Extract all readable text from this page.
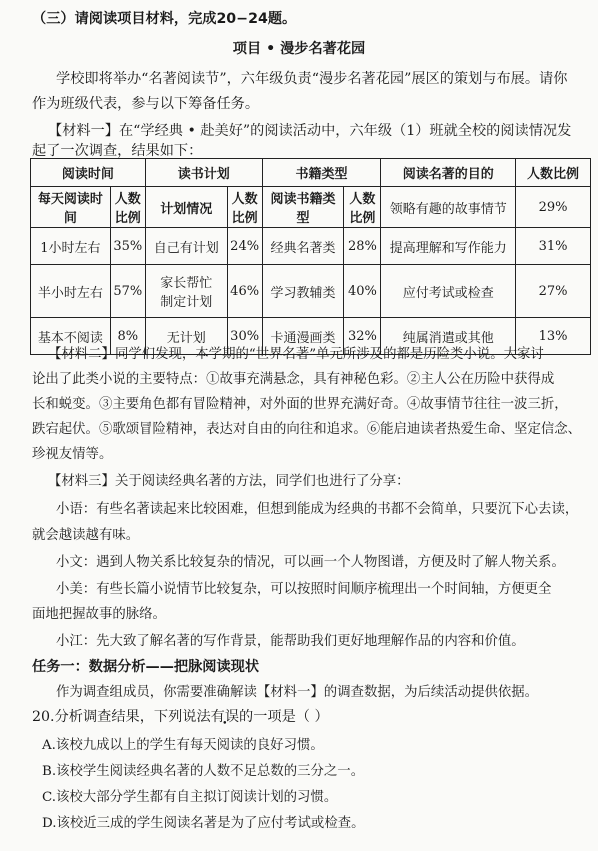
（三）请阅读项目材料，完成20−24题。
项目 • 漫步名著花园
学校即将举办“名著阅读节”，六年级负责“漫步名著花园”展区的策划与布展。请你
作为班级代表，参与以下筹备任务。
【材料一】在“学经典 • 赴美好”的阅读活动中，六年级（1）班就全校的阅读情况发
起了一次调查，结果如下：
阅读时间		读书计划		书籍类型		阅读名著的目的	人数比例
每天阅读时间	人数比例	计划情况	人数比例	阅读书籍类型	人数比例	领略有趣的故事情节	29%
1小时左右	35%	自己有计划	24%	经典名著类	28%	提高理解和写作能力	31%
半小时左右	57%	家长帮忙制定计划	46%	学习教辅类	40%	应付考试或检查	27%
基本不阅读	8%	无计划	30%	卡通漫画类	32%	纯属消遣或其他	13%
【材料二】同学们发现，本学期的“世界名著”单元所涉及的都是历险类小说。大家讨
论出了此类小说的主要特点：①故事充满悬念，具有神秘色彩。②主人公在历险中获得成
长和蜕变。③主要角色都有冒险精神，对外面的世界充满好奇。④故事情节往往一波三折，
跌宕起伏。⑤歌颂冒险精神，表达对自由的向往和追求。⑥能启迪读者热爱生命、坚定信念、
珍视友情等。
【材料三】关于阅读经典名著的方法，同学们也进行了分享：
小语：有些名著读起来比较困难，但想到能成为经典的书都不会简单，只要沉下心去读，
就会越读越有味。
小文：遇到人物关系比较复杂的情况，可以画一个人物图谱，方便及时了解人物关系。
小美：有些长篇小说情节比较复杂，可以按照时间顺序梳理出一个时间轴，方便更全
面地把握故事的脉络。
小江：先大致了解名著的写作背景，能帮助我们更好地理解作品的内容和价值。
任务一：数据分析——把脉阅读现状
作为调查组成员，你需要准确解读【材料一】的调查数据，为后续活动提供依据。
20.分析调查结果，下列说法有误的一项是（ ）
A.该校九成以上的学生有每天阅读的良好习惯。
B.该校学生阅读经典名著的人数不足总数的三分之一。
C.该校大部分学生都有自主拟订阅读计划的习惯。
D.该校近三成的学生阅读名著是为了应付考试或检查。
